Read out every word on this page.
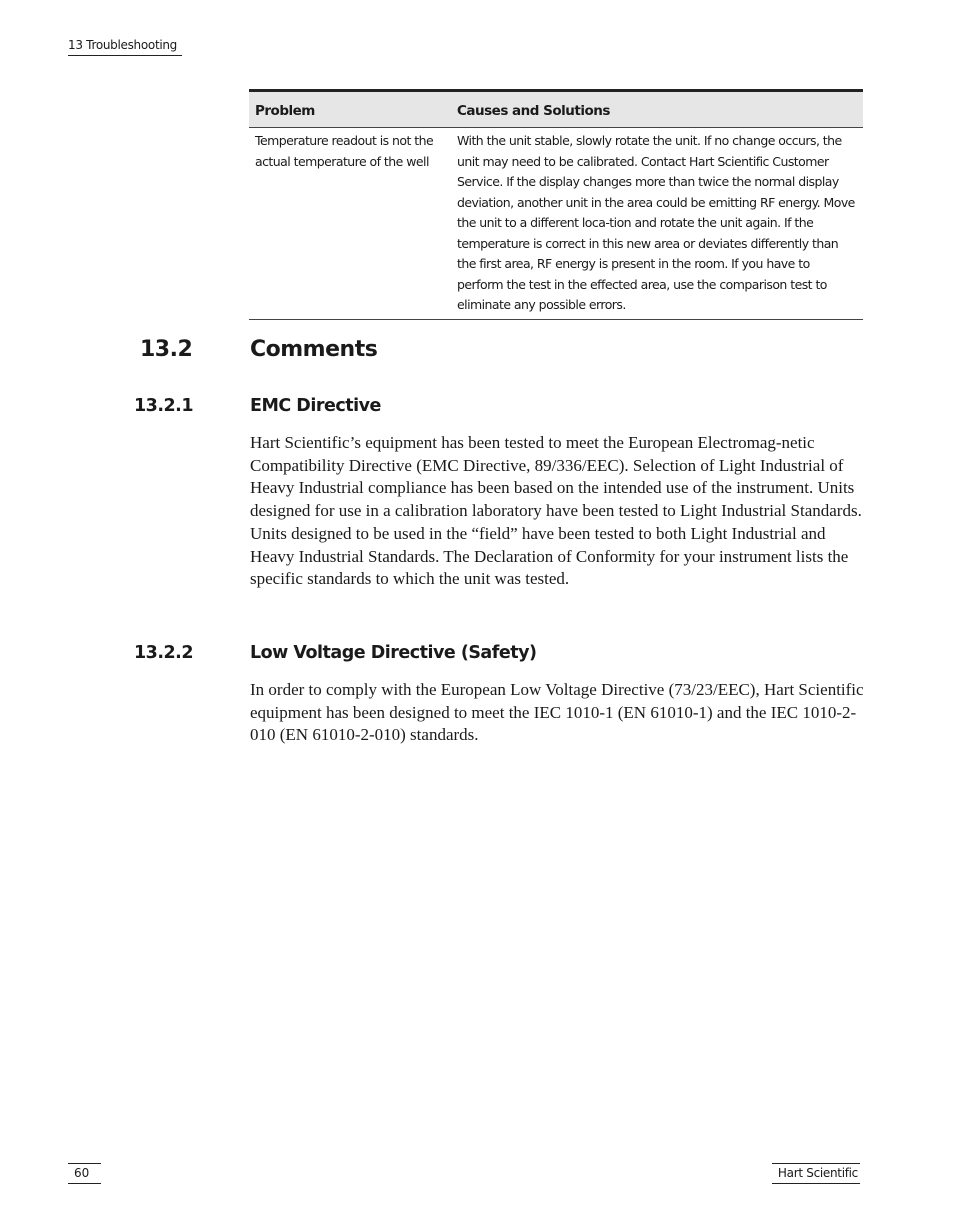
13 Troubleshooting
Problem	Causes and Solutions
Temperature readout is not the actual temperature of the well	With the unit stable, slowly rotate the unit. If no change occurs, the unit may need to be calibrated. Contact Hart Scientific Customer Service. If the display changes more than twice the normal display deviation, another unit in the area could be emitting RF energy. Move the unit to a different loca-tion and rotate the unit again. If the temperature is correct in this new area or deviates differently than the first area, RF energy is present in the room. If you have to perform the test in the effected area, use the comparison test to eliminate any possible errors.
13.2	Comments
13.2.1	EMC Directive

Hart Scientific’s equipment has been tested to meet the European Electromag-netic Compatibility Directive (EMC Directive, 89/336/EEC). Selection of Light Industrial of Heavy Industrial compliance has been based on the intended use of the instrument. Units designed for use in a calibration laboratory have been tested to Light Industrial Standards. Units designed to be used in the “field” have been tested to both Light Industrial and Heavy Industrial Standards. The Declaration of Conformity for your instrument lists the specific standards to which the unit was tested.

13.2.2	Low Voltage Directive (Safety)

In order to comply with the European Low Voltage Directive (73/23/EEC), Hart Scientific equipment has been designed to meet the IEC 1010-1 (EN 61010-1) and the IEC 1010-2-010 (EN 61010-2-010) standards.

60	Hart Scientific
